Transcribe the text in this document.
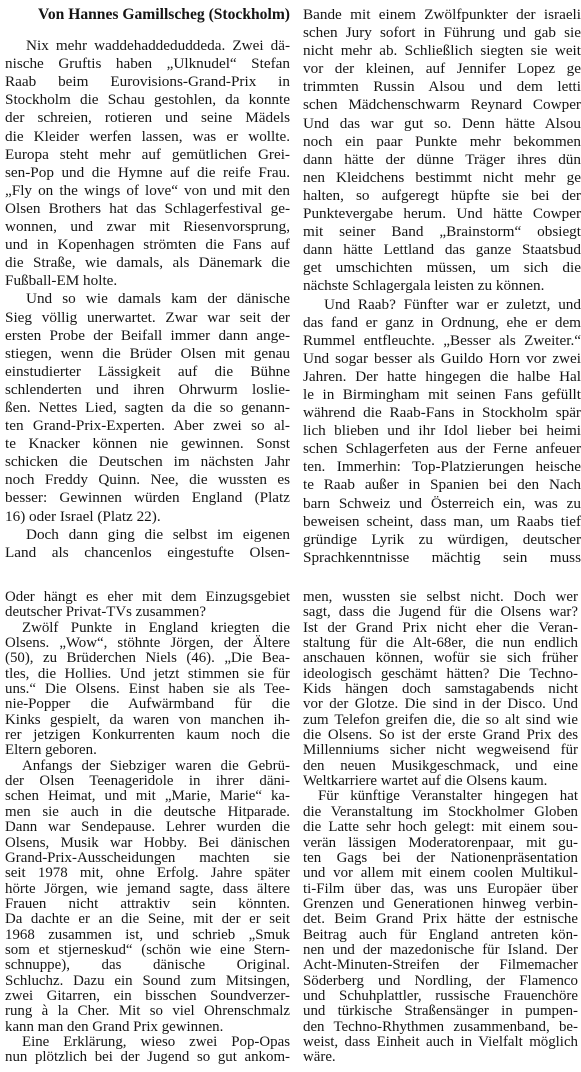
Von Hannes Gamillscheg (Stockholm)
Nix mehr waddehaddeduddeda. Zwei dä-
nische Gruftis haben „Ulknudel“ Stefan
Raab beim Eurovisions-Grand-Prix in
Stockholm die Schau gestohlen, da konnte
der schreien, rotieren und seine Mädels
die Kleider werfen lassen, was er wollte.
Europa steht mehr auf gemütlichen Grei-
sen-Pop und die Hymne auf die reife Frau.
„Fly on the wings of love“ von und mit den
Olsen Brothers hat das Schlagerfestival ge-
wonnen, und zwar mit Riesenvorsprung,
und in Kopenhagen strömten die Fans auf
die Straße, wie damals, als Dänemark die
Fußball-EM holte.
Und so wie damals kam der dänische
Sieg völlig unerwartet. Zwar war seit der
ersten Probe der Beifall immer dann ange-
stiegen, wenn die Brüder Olsen mit genau
einstudierter Lässigkeit auf die Bühne
schlenderten und ihren Ohrwurm loslie-
ßen. Nettes Lied, sagten da die so genann-
ten Grand-Prix-Experten. Aber zwei so al-
te Knacker können nie gewinnen. Sonst
schicken die Deutschen im nächsten Jahr
noch Freddy Quinn. Nee, die wussten es
besser: Gewinnen würden England (Platz
16) oder Israel (Platz 22).
Doch dann ging die selbst im eigenen
Land als chancenlos eingestufte Olsen-
Bande mit einem Zwölfpunkter der israeli
schen Jury sofort in Führung und gab sie
nicht mehr ab. Schließlich siegten sie weit
vor der kleinen, auf Jennifer Lopez ge
trimmten Russin Alsou und dem letti
schen Mädchenschwarm Reynard Cowper
Und das war gut so. Denn hätte Alsou
noch ein paar Punkte mehr bekommen
dann hätte der dünne Träger ihres dün
nen Kleidchens bestimmt nicht mehr ge
halten, so aufgeregt hüpfte sie bei der
Punktevergabe herum. Und hätte Cowper
mit seiner Band „Brainstorm“ obsiegt
dann hätte Lettland das ganze Staatsbud
get umschichten müssen, um sich die
nächste Schlagergala leisten zu können.
Und Raab? Fünfter war er zuletzt, und
das fand er ganz in Ordnung, ehe er dem
Rummel entfleuchte. „Besser als Zweiter.“
Und sogar besser als Guildo Horn vor zwei
Jahren. Der hatte hingegen die halbe Hal
le in Birmingham mit seinen Fans gefüllt
während die Raab-Fans in Stockholm spär
lich blieben und ihr Idol lieber bei heimi
schen Schlagerfeten aus der Ferne anfeuer
ten. Immerhin: Top-Platzierungen heische
te Raab außer in Spanien bei den Nach
barn Schweiz und Österreich ein, was zu
beweisen scheint, dass man, um Raabs tief
gründige Lyrik zu würdigen, deutscher
Sprachkenntnisse mächtig sein muss
Oder hängt es eher mit dem Einzugsgebiet
deutscher Privat-TVs zusammen?
Zwölf Punkte in England kriegten die
Olsens. „Wow“, stöhnte Jörgen, der Ältere
(50), zu Brüderchen Niels (46). „Die Bea-
tles, die Hollies. Und jetzt stimmen sie für
uns.“ Die Olsens. Einst haben sie als Tee-
nie-Popper die Aufwärmband für die
Kinks gespielt, da waren von manchen ih-
rer jetzigen Konkurrenten kaum noch die
Eltern geboren.
Anfangs der Siebziger waren die Gebrü-
der Olsen Teenageridole in ihrer däni-
schen Heimat, und mit „Marie, Marie“ ka-
men sie auch in die deutsche Hitparade.
Dann war Sendepause. Lehrer wurden die
Olsens, Musik war Hobby. Bei dänischen
Grand-Prix-Ausscheidungen machten sie
seit 1978 mit, ohne Erfolg. Jahre später
hörte Jörgen, wie jemand sagte, dass ältere
Frauen nicht attraktiv sein könnten.
Da dachte er an die Seine, mit der er seit
1968 zusammen ist, und schrieb „Smuk
som et stjerneskud“ (schön wie eine Stern-
schnuppe), das dänische Original.
Schluchz. Dazu ein Sound zum Mitsingen,
zwei Gitarren, ein bisschen Soundverzer-
rung à la Cher. Mit so viel Ohrenschmalz
kann man den Grand Prix gewinnen.
Eine Erklärung, wieso zwei Pop-Opas
nun plötzlich bei der Jugend so gut ankom-
men, wussten sie selbst nicht. Doch wer
sagt, dass die Jugend für die Olsens war?
Ist der Grand Prix nicht eher die Veran-
staltung für die Alt-68er, die nun endlich
anschauen können, wofür sie sich früher
ideologisch geschämt hätten? Die Techno-
Kids hängen doch samstagabends nicht
vor der Glotze. Die sind in der Disco. Und
zum Telefon greifen die, die so alt sind wie
die Olsens. So ist der erste Grand Prix des
Millenniums sicher nicht wegweisend für
den neuen Musikgeschmack, und eine
Weltkarriere wartet auf die Olsens kaum.
Für künftige Veranstalter hingegen hat
die Veranstaltung im Stockholmer Globen
die Latte sehr hoch gelegt: mit einem sou-
verän lässigen Moderatorenpaar, mit gu-
ten Gags bei der Nationenpräsentation
und vor allem mit einem coolen Multikul-
ti-Film über das, was uns Europäer über
Grenzen und Generationen hinweg verbin-
det. Beim Grand Prix hätte der estnische
Beitrag auch für England antreten kön-
nen und der mazedonische für Island. Der
Acht-Minuten-Streifen der Filmemacher
Söderberg und Nordling, der Flamenco
und Schuhplattler, russische Frauenchöre
und türkische Straßensänger in pumpen-
den Techno-Rhythmen zusammenband, be-
weist, dass Einheit auch in Vielfalt möglich
wäre.
